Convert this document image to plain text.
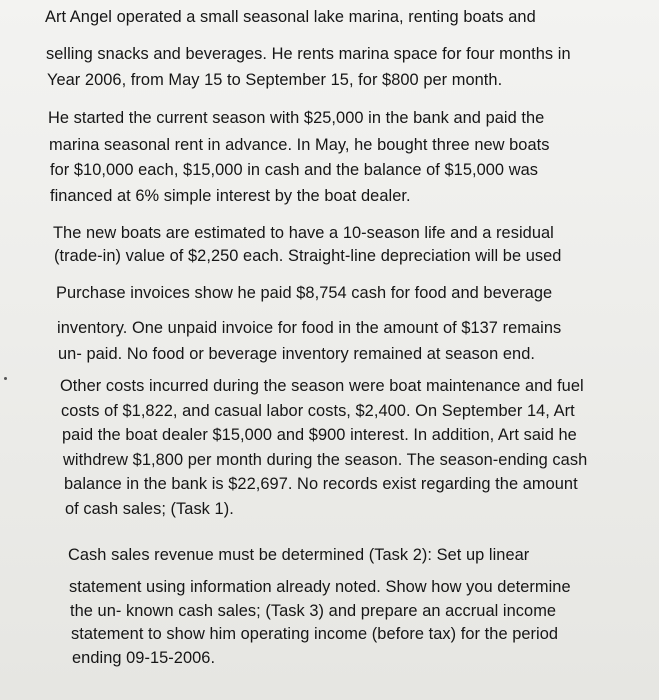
Art Angel operated a small seasonal lake marina, renting boats and
selling snacks and beverages. He rents marina space for four months in
Year 2006, from May 15 to September 15, for $800 per month.
He started the current season with $25,000 in the bank and paid the
marina seasonal rent in advance. In May, he bought three new boats
for $10,000 each, $15,000 in cash and the balance of $15,000 was
financed at 6% simple interest by the boat dealer.
The new boats are estimated to have a 10-season life and a residual
(trade-in) value of $2,250 each. Straight-line depreciation will be used
Purchase invoices show he paid $8,754 cash for food and beverage
inventory. One unpaid invoice for food in the amount of $137 remains
un- paid. No food or beverage inventory remained at season end.
Other costs incurred during the season were boat maintenance and fuel
costs of $1,822, and casual labor costs, $2,400. On September 14, Art
paid the boat dealer $15,000 and $900 interest. In addition, Art said he
withdrew $1,800 per month during the season. The season-ending cash
balance in the bank is $22,697. No records exist regarding the amount
of cash sales; (Task 1).
Cash sales revenue must be determined (Task 2): Set up linear
statement using information already noted. Show how you determine
the un- known cash sales; (Task 3) and prepare an accrual income
statement to show him operating income (before tax) for the period
ending 09-15-2006.
